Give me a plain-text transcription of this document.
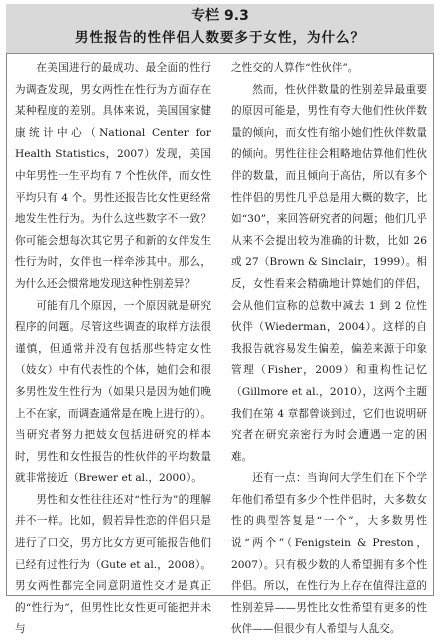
专栏 9.3
男性报告的性伴侣人数要多于女性，为什么？

在美国进行的最成功、最全面的性行为调查发现，男女两性在性行为方面存在某种程度的差别。具体来说，美国国家健康统计中心（National Center for Health Statistics，2007）发现，美国中年男性一生平均有 7 个性伙伴，而女性平均只有 4 个。男性还报告比女性更经常地发生性行为。为什么这些数字不一致？你可能会想每次其它男子和新的女伴发生性行为时，女伴也一样牵涉其中。那么，为什么还会惯常地发现这种性别差异？

可能有几个原因，一个原因就是研究程序的问题。尽管这些调查的取样方法很谨慎，但通常并没有包括那些特定女性（妓女）中有代表性的个体，她们会和很多男性发生性行为（如果只是因为她们晚上不在家，而调查通常是在晚上进行的）。当研究者努力把妓女包括进研究的样本时，男性和女性报告的性伙伴的平均数量就非常接近（Brewer et al.，2000）。

男性和女性往往还对“性行为”的理解并不一样。比如，假若异性恋的伴侣只是进行了口交，男方比女方更可能报告他们已经有过性行为（Gute et al.，2008）。男女两性都完全同意阴道性交才是真正的“性行为”，但男性比女性更可能把并未与

之性交的人算作“性伙伴”。

然而，性伙伴数量的性别差异最重要的原因可能是，男性有夸大他们性伙伴数量的倾向，而女性有缩小她们性伙伴数量的倾向。男性往往会粗略地估算他们性伙伴的数量，而且倾向于高估，所以有多个性伴侣的男性几乎总是用大概的数字，比如“30”，来回答研究者的问题；他们几乎从来不会提出较为准确的计数，比如 26 或 27（Brown & Sinclair，1999）。相反，女性看来会精确地计算她们的伴侣，会从他们宣称的总数中减去 1 到 2 位性伙伴（Wiederman，2004）。这样的自我报告就容易发生偏差，偏差来源于印象管理（Fisher，2009）和重构性记忆（Gillmore et al.，2010），这两个主题我们在第 4 章都曾谈到过，它们也说明研究者在研究亲密行为时会遭遇一定的困难。

还有一点：当询问大学生们在下个学年他们希望有多少个性伴侣时，大多数女性的典型答复是“一个”，大多数男性说“两个”（Fenigstein & Preston，2007）。只有极少数的人希望拥有多个性伴侣。所以，在性行为上存在值得注意的性别差异——男性比女性希望有更多的性伙伴——但很少有人希望与人乱交。
